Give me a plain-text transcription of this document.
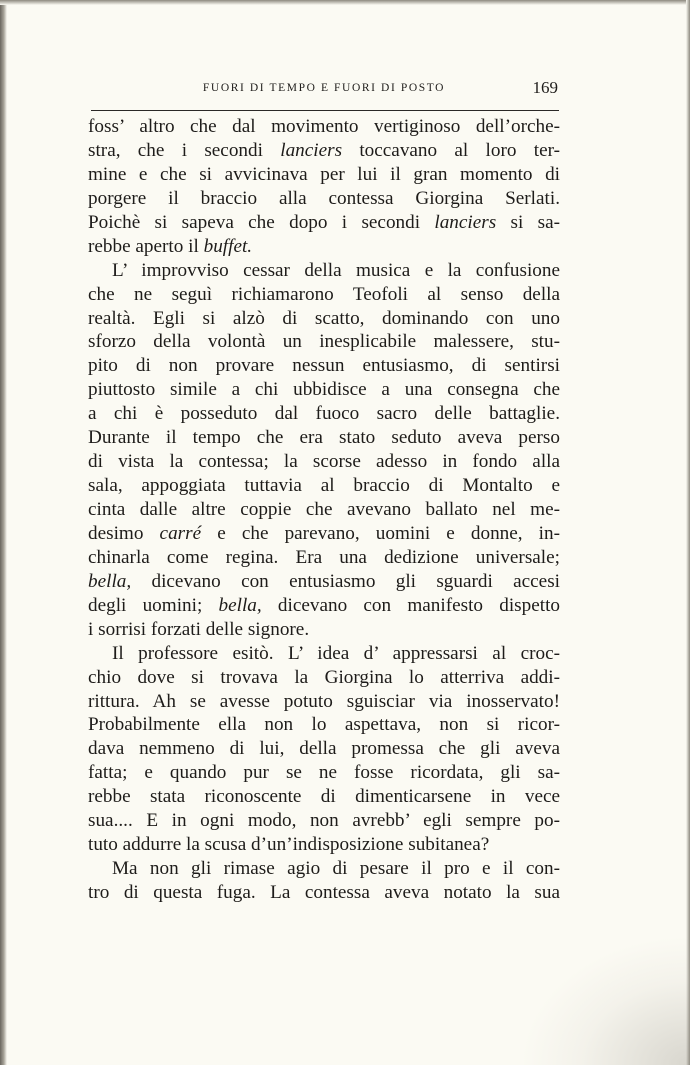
FUORI DI TEMPO E FUORI DI POSTO	169
foss’ altro che dal movimento vertiginoso dell’orche-
stra, che i secondi lanciers toccavano al loro ter-
mine e che si avvicinava per lui il gran momento di
porgere il braccio alla contessa Giorgina Serlati.
Poichè si sapeva che dopo i secondi lanciers si sa-
rebbe aperto il buffet.
L’ improvviso cessar della musica e la confusione
che ne seguì richiamarono Teofoli al senso della
realtà. Egli si alzò di scatto, dominando con uno
sforzo della volontà un inesplicabile malessere, stu-
pito di non provare nessun entusiasmo, di sentirsi
piuttosto simile a chi ubbidisce a una consegna che
a chi è posseduto dal fuoco sacro delle battaglie.
Durante il tempo che era stato seduto aveva perso
di vista la contessa; la scorse adesso in fondo alla
sala, appoggiata tuttavia al braccio di Montalto e
cinta dalle altre coppie che avevano ballato nel me-
desimo carré e che parevano, uomini e donne, in-
chinarla come regina. Era una dedizione universale;
bella, dicevano con entusiasmo gli sguardi accesi
degli uomini; bella, dicevano con manifesto dispetto
i sorrisi forzati delle signore.
Il professore esitò. L’ idea d’ appressarsi al croc-
chio dove si trovava la Giorgina lo atterriva addi-
rittura. Ah se avesse potuto sguisciar via inosservato!
Probabilmente ella non lo aspettava, non si ricor-
dava nemmeno di lui, della promessa che gli aveva
fatta; e quando pur se ne fosse ricordata, gli sa-
rebbe stata riconoscente di dimenticarsene in vece
sua.... E in ogni modo, non avrebb’ egli sempre po-
tuto addurre la scusa d’un’indisposizione subitanea?
Ma non gli rimase agio di pesare il pro e il con-
tro di questa fuga. La contessa aveva notato la sua
